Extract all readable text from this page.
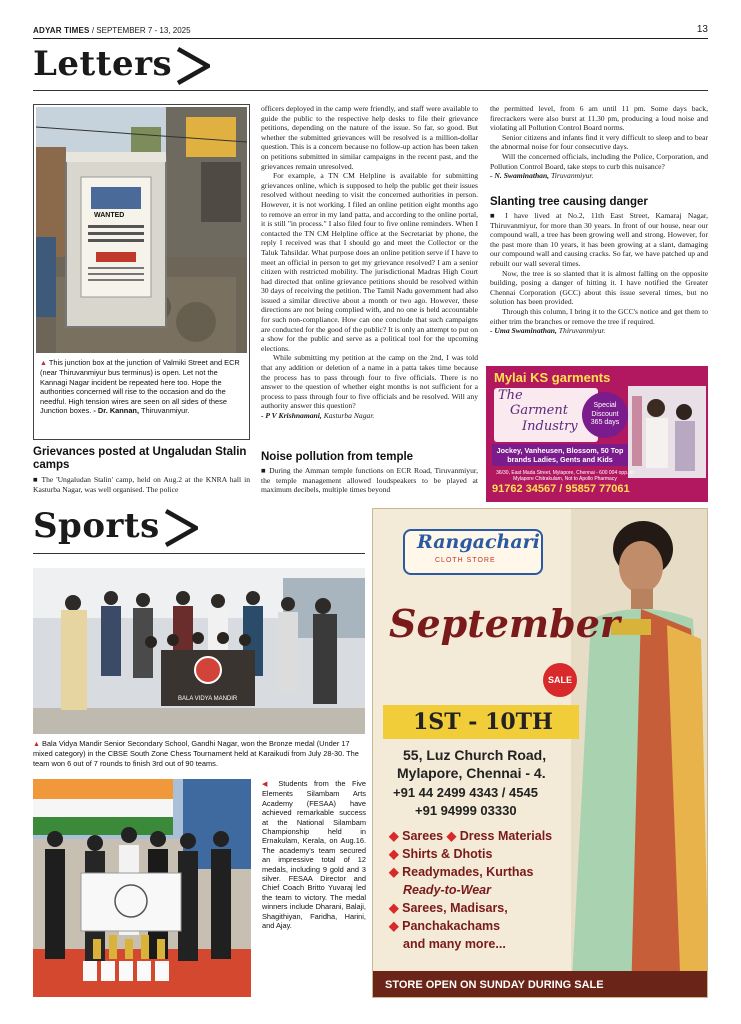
ADYAR TIMES / SEPTEMBER 7 - 13, 2025	13
Letters
WANTED
▲ This junction box at the junction of Valmiki Street and ECR (near Thiruvanmiyur bus terminus) is open. Let not the Kannagi Nagar incident be repeated here too. Hope the authorities concerned will rise to the occasion and do the needful. High tension wires are seen on all sides of these Junction boxes. - Dr. Kannan, Thiruvanmiyur.
Grievances posted at Ungaludan Stalin camps

■ The 'Ungaludan Stalin' camp, held on Aug.2 at the KNRA hall in Kasturba Nagar, was well organised. The police

officers deployed in the camp were friendly, and staff were available to guide the public to the respective help desks to file their grievance petitions, depending on the nature of the issue. So far, so good. But whether the submitted grievances will be resolved is a million-dollar question. This is a concern because no follow-up action has been taken on petitions submitted in similar campaigns in the recent past, and the grievances remain unresolved.

For example, a TN CM Helpline is available for submitting grievances online, which is supposed to help the public get their issues resolved without needing to visit the concerned authorities in person. However, it is not working. I filed an online petition eight months ago to remove an error in my land patta, and according to the online portal, it is still "in process." I also filed four to five online reminders. When I contacted the TN CM Helpline office at the Secretariat by phone, the reply I received was that I should go and meet the Collector or the Taluk Tahsildar. What purpose does an online petition serve if I have to meet an official in person to get my grievance resolved? I am a senior citizen with restricted mobility. The jurisdictional Madras High Court had directed that online grievance petitions should be resolved within 30 days of receiving the petition. The Tamil Nadu government had also issued a similar directive about a month or two ago. However, these directions are not being complied with, and no one is held accountable for such non-compliance. How can one conclude that such campaigns are conducted for the good of the public? It is only an attempt to put on a show for the public and serve as a political tool for the upcoming elections.

While submitting my petition at the camp on the 2nd, I was told that any addition or deletion of a name in a patta takes time because the process has to pass through four to five officials. There is no answer to the question of whether eight months is not sufficient for a process to pass through four to five officials and be resolved. Will any authority answer this question?

- P V Krishnamani, Kasturba Nagar.

Noise pollution from temple

■ During the Amman temple functions on ECR Road, Tiruvanmiyur, the temple management allowed loudspeakers to be played at maximum decibels, multiple times beyond

the permitted level, from 6 am until 11 pm. Some days back, firecrackers were also burst at 11.30 pm, producing a loud noise and violating all Pollution Control Board norms.

Senior citizens and infants find it very difficult to sleep and to bear the abnormal noise for four consecutive days.

Will the concerned officials, including the Police, Corporation, and Pollution Control Board, take steps to curb this nuisance?

- N. Swaminathan, Tiruvanmiyur.

Slanting tree causing danger

■ I have lived at No.2, 11th East Street, Kamaraj Nagar, Thiruvanmiyur, for more than 30 years. In front of our house, near our compound wall, a tree has been growing well and strong. However, for the past more than 10 years, it has been growing at a slant, damaging our compound wall and causing cracks. So far, we have patched up and rebuilt our wall several times.

Now, the tree is so slanted that it is almost falling on the opposite building, posing a danger of hitting it. I have notified the Greater Chennai Corporation (GCC) about this issue several times, but no solution has been provided.

Through this column, I bring it to the GCC's notice and get them to either trim the branches or remove the tree if required.

- Uma Swaminathan, Thiruvanmiyur.

Mylai KS garments
The
Garment
Industry
Special
Discount
365 days
Jockey, Vanheusen, Blossom, 50 Top brands Ladies, Gents and Kids
36/30, East Mada Street, Mylapore, Chennai - 600 004 opp. to Mylapore Chitrakulam, Not to Apollo Pharmacy
91762 34567 / 95857 77061
Sports
BALA VIDYA MANDIR
▲ Bala Vidya Mandir Senior Secondary School, Gandhi Nagar, won the Bronze medal (Under 17 mixed category) in the CBSE South Zone Chess Tournament held at Karaikudi from July 28-30. The team won 6 out of 7 rounds to finish 3rd out of 90 teams.
◀ Students from the Five Elements Silambam Arts Academy (FESAA) have achieved remarkable success at the National Silambam Championship held in Ernakulam, Kerala, on Aug.16. The academy's team secured an impressive total of 12 medals, including 9 gold and 3 silver. FESAA Director and Chief Coach Britto Yuvaraj led the team to victory. The medal winners include Dharani, Balaji, Shagithiyan, Faridha, Harini, and Ajay.
Rangachari
CLOTH STORE
September
SALE
1ST - 10TH
55, Luz Church Road,
Mylapore, Chennai - 4.
+91 44 2499 4343 / 4545
+91 94999 03330
◆ Sarees ◆ Dress Materials
◆ Shirts & Dhotis
◆ Readymades, Kurthas
Ready-to-Wear
◆ Sarees, Madisars,
◆ Panchakachams
and many more...
STORE OPEN ON SUNDAY DURING SALE
